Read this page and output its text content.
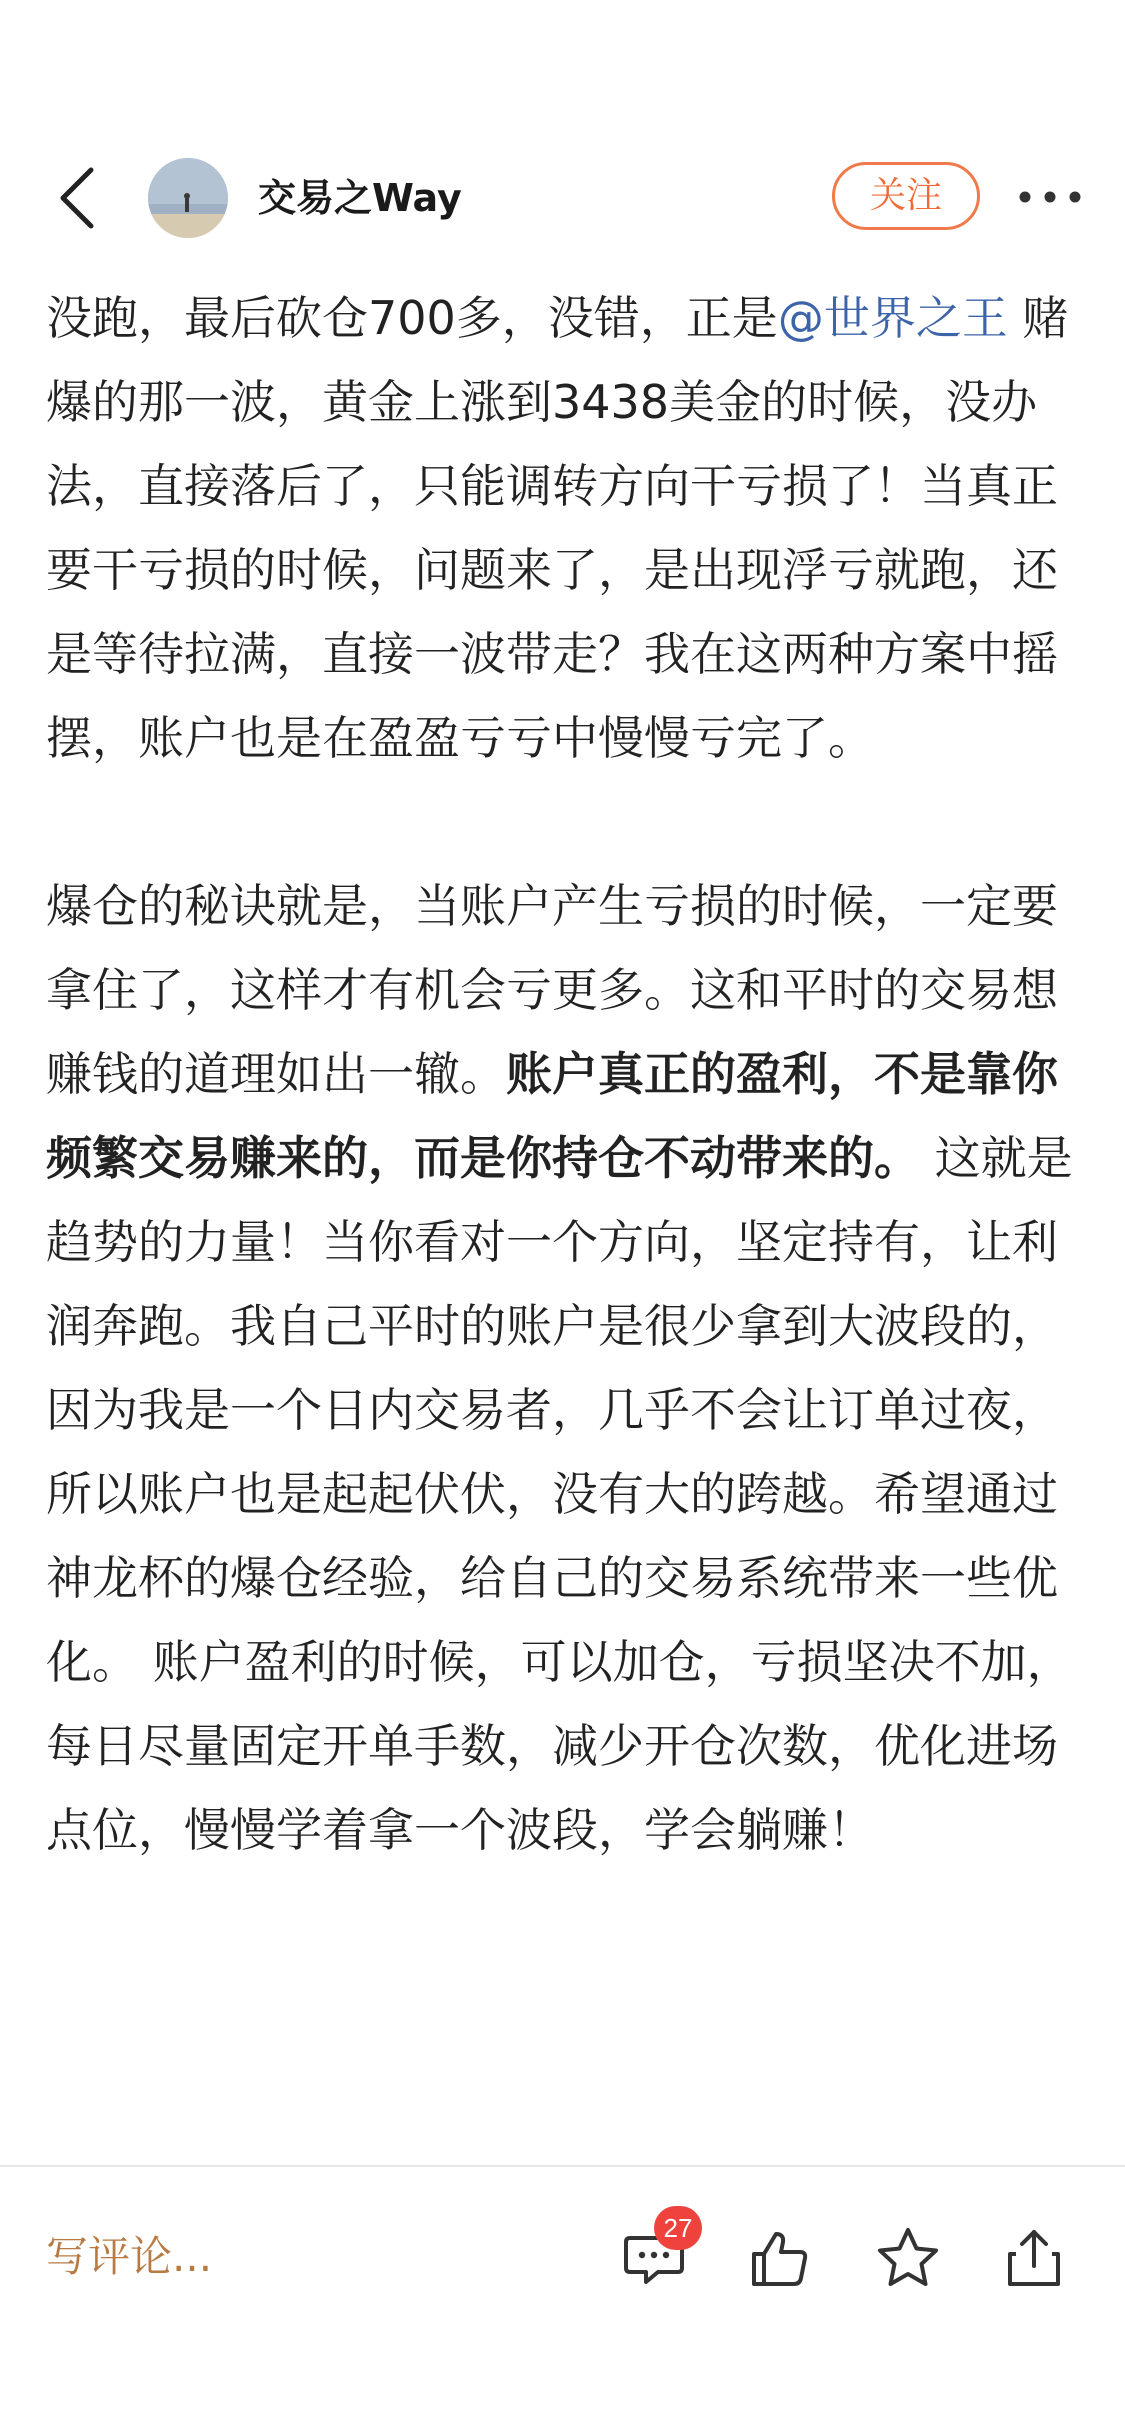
交易之Way	关注

没跑，最后砍仓700多，没错，正是@世界之王 赌爆的那一波，黄金上涨到3438美金的时候，没办法，直接落后了，只能调转方向干亏损了！当真正要干亏损的时候，问题来了，是出现浮亏就跑，还是等待拉满，直接一波带走？我在这两种方案中摇摆，账户也是在盈盈亏亏中慢慢亏完了。

爆仓的秘诀就是，当账户产生亏损的时候，一定要拿住了，这样才有机会亏更多。这和平时的交易想赚钱的道理如出一辙。账户真正的盈利，不是靠你频繁交易赚来的，而是你持仓不动带来的。 这就是趋势的力量！当你看对一个方向，坚定持有，让利润奔跑。我自己平时的账户是很少拿到大波段的，因为我是一个日内交易者，几乎不会让订单过夜，所以账户也是起起伏伏，没有大的跨越。希望通过神龙杯的爆仓经验，给自己的交易系统带来一些优化。 账户盈利的时候，可以加仓，亏损坚决不加，每日尽量固定开单手数，减少开仓次数，优化进场点位，慢慢学着拿一个波段，学会躺赚！

写评论...
27
